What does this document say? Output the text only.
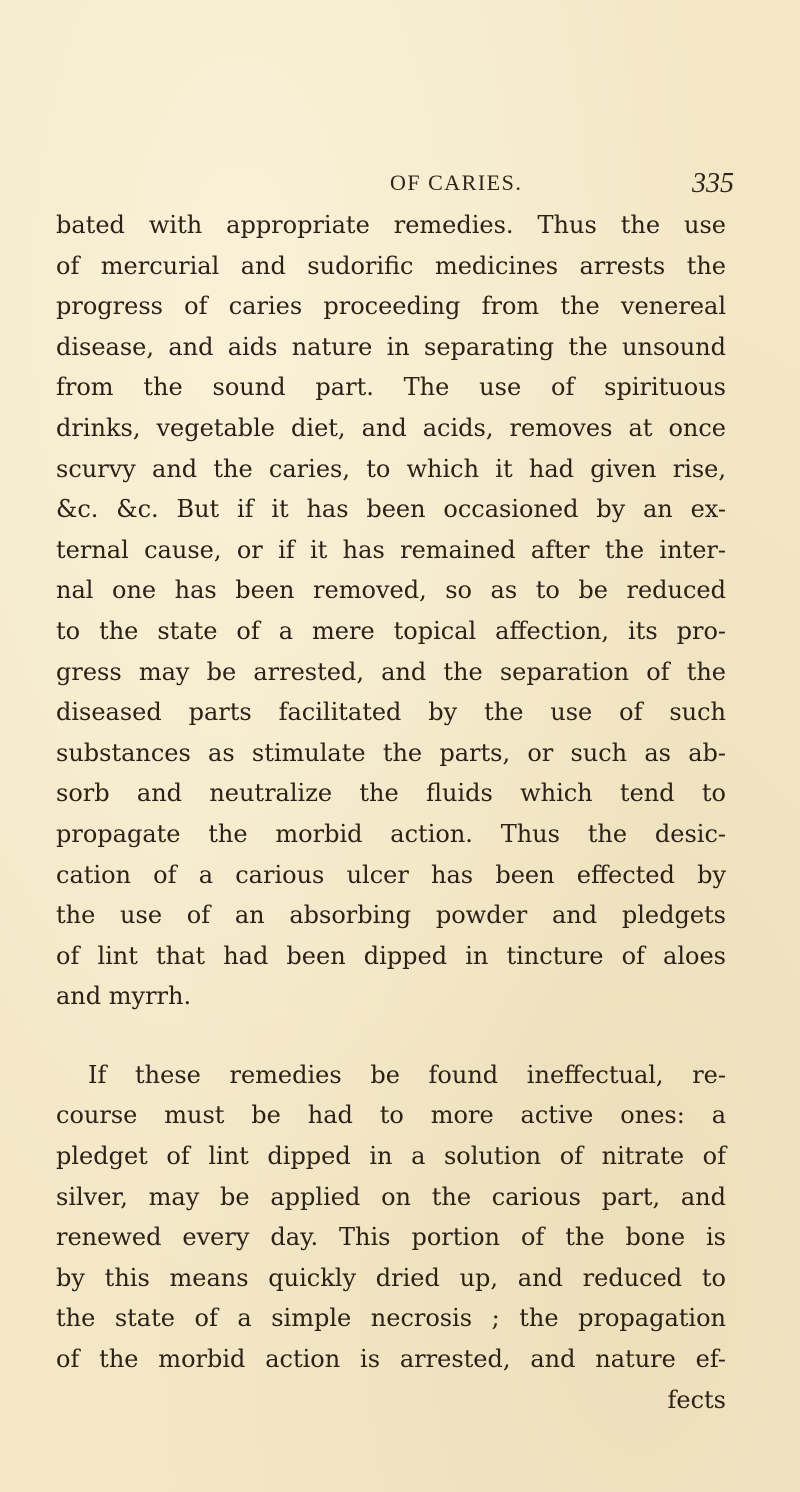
OF CARIES.	335
bated with appropriate remedies. Thus the use
of mercurial and sudorific medicines arrests the
progress of caries proceeding from the venereal
disease, and aids nature in separating the unsound
from the sound part. The use of spirituous
drinks, vegetable diet, and acids, removes at once
scurvy and the caries, to which it had given rise,
&c. &c. But if it has been occasioned by an ex-
ternal cause, or if it has remained after the inter-
nal one has been removed, so as to be reduced
to the state of a mere topical affection, its pro-
gress may be arrested, and the separation of the
diseased parts facilitated by the use of such
substances as stimulate the parts, or such as ab-
sorb and neutralize the fluids which tend to
propagate the morbid action. Thus the desic-
cation of a carious ulcer has been effected by
the use of an absorbing powder and pledgets
of lint that had been dipped in tincture of aloes
and myrrh.
If these remedies be found ineffectual, re-
course must be had to more active ones: a
pledget of lint dipped in a solution of nitrate of
silver, may be applied on the carious part, and
renewed every day. This portion of the bone is
by this means quickly dried up, and reduced to
the state of a simple necrosis ; the propagation
of the morbid action is arrested, and nature ef-
fects
